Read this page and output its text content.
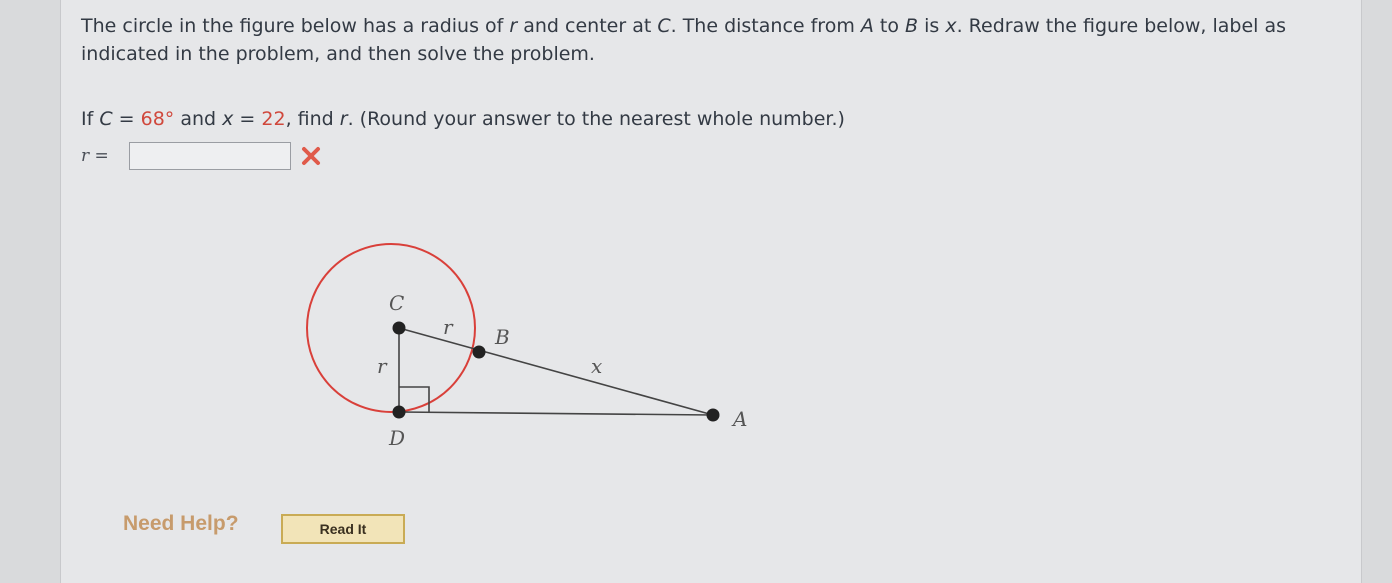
The circle in the figure below has a radius of r and center at C. The distance from A to B is x. Redraw the figure below, label as indicated in the problem, and then solve the problem.
If C = 68° and x = 22, find r. (Round your answer to the nearest whole number.)
r =
C
r B
x
r
A
D
Need Help?	Read It
